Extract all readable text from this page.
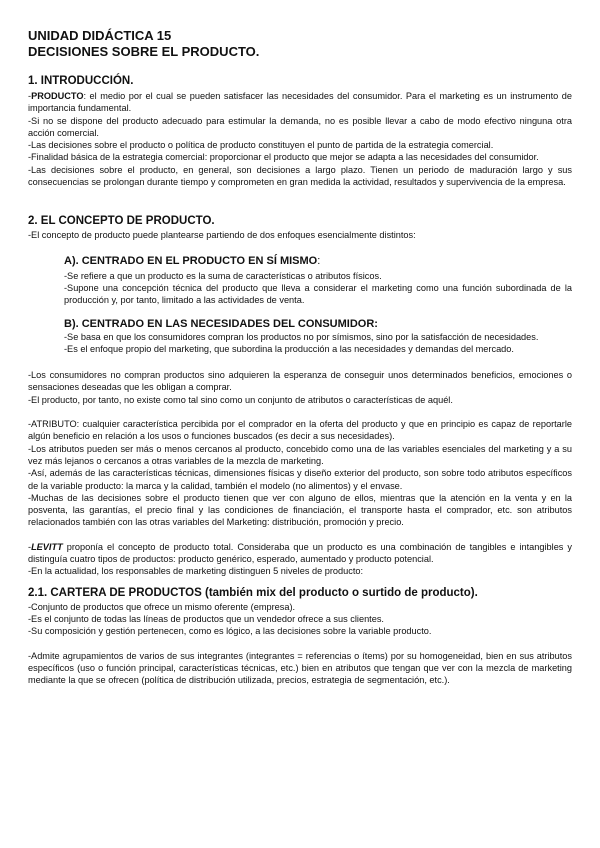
UNIDAD DIDÁCTICA 15

DECISIONES SOBRE EL PRODUCTO.

1. INTRODUCCIÓN.

-PRODUCTO: el medio por el cual se pueden satisfacer las necesidades del consumidor. Para el marketing es un instrumento de importancia fundamental.

-Si no se dispone del producto adecuado para estimular la demanda, no es posible llevar a cabo de modo efectivo ninguna otra acción comercial.

-Las decisiones sobre el producto o política de producto constituyen el punto de partida de la estrategia comercial.

-Finalidad básica de la estrategia comercial: proporcionar el producto que mejor se adapta a las necesidades del consumidor.

-Las decisiones sobre el producto, en general, son decisiones a largo plazo. Tienen un periodo de maduración largo y sus consecuencias se prolongan durante tiempo y comprometen en gran medida la actividad, resultados y supervivencia de la empresa.

2. EL CONCEPTO DE PRODUCTO.

-El concepto de producto puede plantearse partiendo de dos enfoques esencialmente distintos:

A). CENTRADO EN EL PRODUCTO EN SÍ MISMO:

-Se refiere a que un producto es la suma de características o atributos físicos.

-Supone una concepción técnica del producto que lleva a considerar el marketing como una función subordinada de la producción y, por tanto, limitado a las actividades de venta.

B). CENTRADO EN LAS NECESIDADES DEL CONSUMIDOR:

-Se basa en que los consumidores compran los productos no por símismos, sino por la satisfacción de necesidades.

-Es el enfoque propio del marketing, que subordina la producción a las necesidades y demandas del mercado.

-Los consumidores no compran productos sino adquieren la esperanza de conseguir unos determinados beneficios, emociones o sensaciones deseadas que les obligan a comprar.

-El producto, por tanto, no existe como tal sino como un conjunto de atributos o características de aquél.

-ATRIBUTO: cualquier característica percibida por el comprador en la oferta del producto y que en principio es capaz de reportarle algún beneficio en relación a los usos o funciones buscados (es decir a sus necesidades).

-Los atributos pueden ser más o menos cercanos al producto, concebido como una de las variables esenciales del marketing y a su vez más lejanos o cercanos a otras variables de la mezcla de marketing.

-Así, además de las características técnicas, dimensiones físicas y diseño exterior del producto, son sobre todo atributos específicos de la variable producto: la marca y la calidad, también el modelo (no alimentos) y el envase.

-Muchas de las decisiones sobre el producto tienen que ver con alguno de ellos, mientras que la atención en la venta y en la posventa, las garantías, el precio final y las condiciones de financiación, el transporte hasta el comprador, etc. son atributos relacionados también con las otras variables del Marketing: distribución, promoción y precio.

-LEVITT proponía el concepto de producto total. Consideraba que un producto es una combinación de tangibles e intangibles y distinguía cuatro tipos de productos: producto genérico, esperado, aumentado y producto potencial.

-En la actualidad, los responsables de marketing distinguen 5 niveles de producto:

2.1. CARTERA DE PRODUCTOS (también mix del producto o surtido de producto).

-Conjunto de productos que ofrece un mismo oferente (empresa).

-Es el conjunto de todas las líneas de productos que un vendedor ofrece a sus clientes.

-Su composición y gestión pertenecen, como es lógico, a las decisiones sobre la variable producto.

-Admite agrupamientos de varios de sus integrantes (integrantes = referencias o ítems) por su homogeneidad, bien en sus atributos específicos (uso o función principal, características técnicas, etc.) bien en atributos que tengan que ver con la mezcla de marketing mediante la que se ofrecen (política de distribución utilizada, precios, estrategia de segmentación, etc.).
